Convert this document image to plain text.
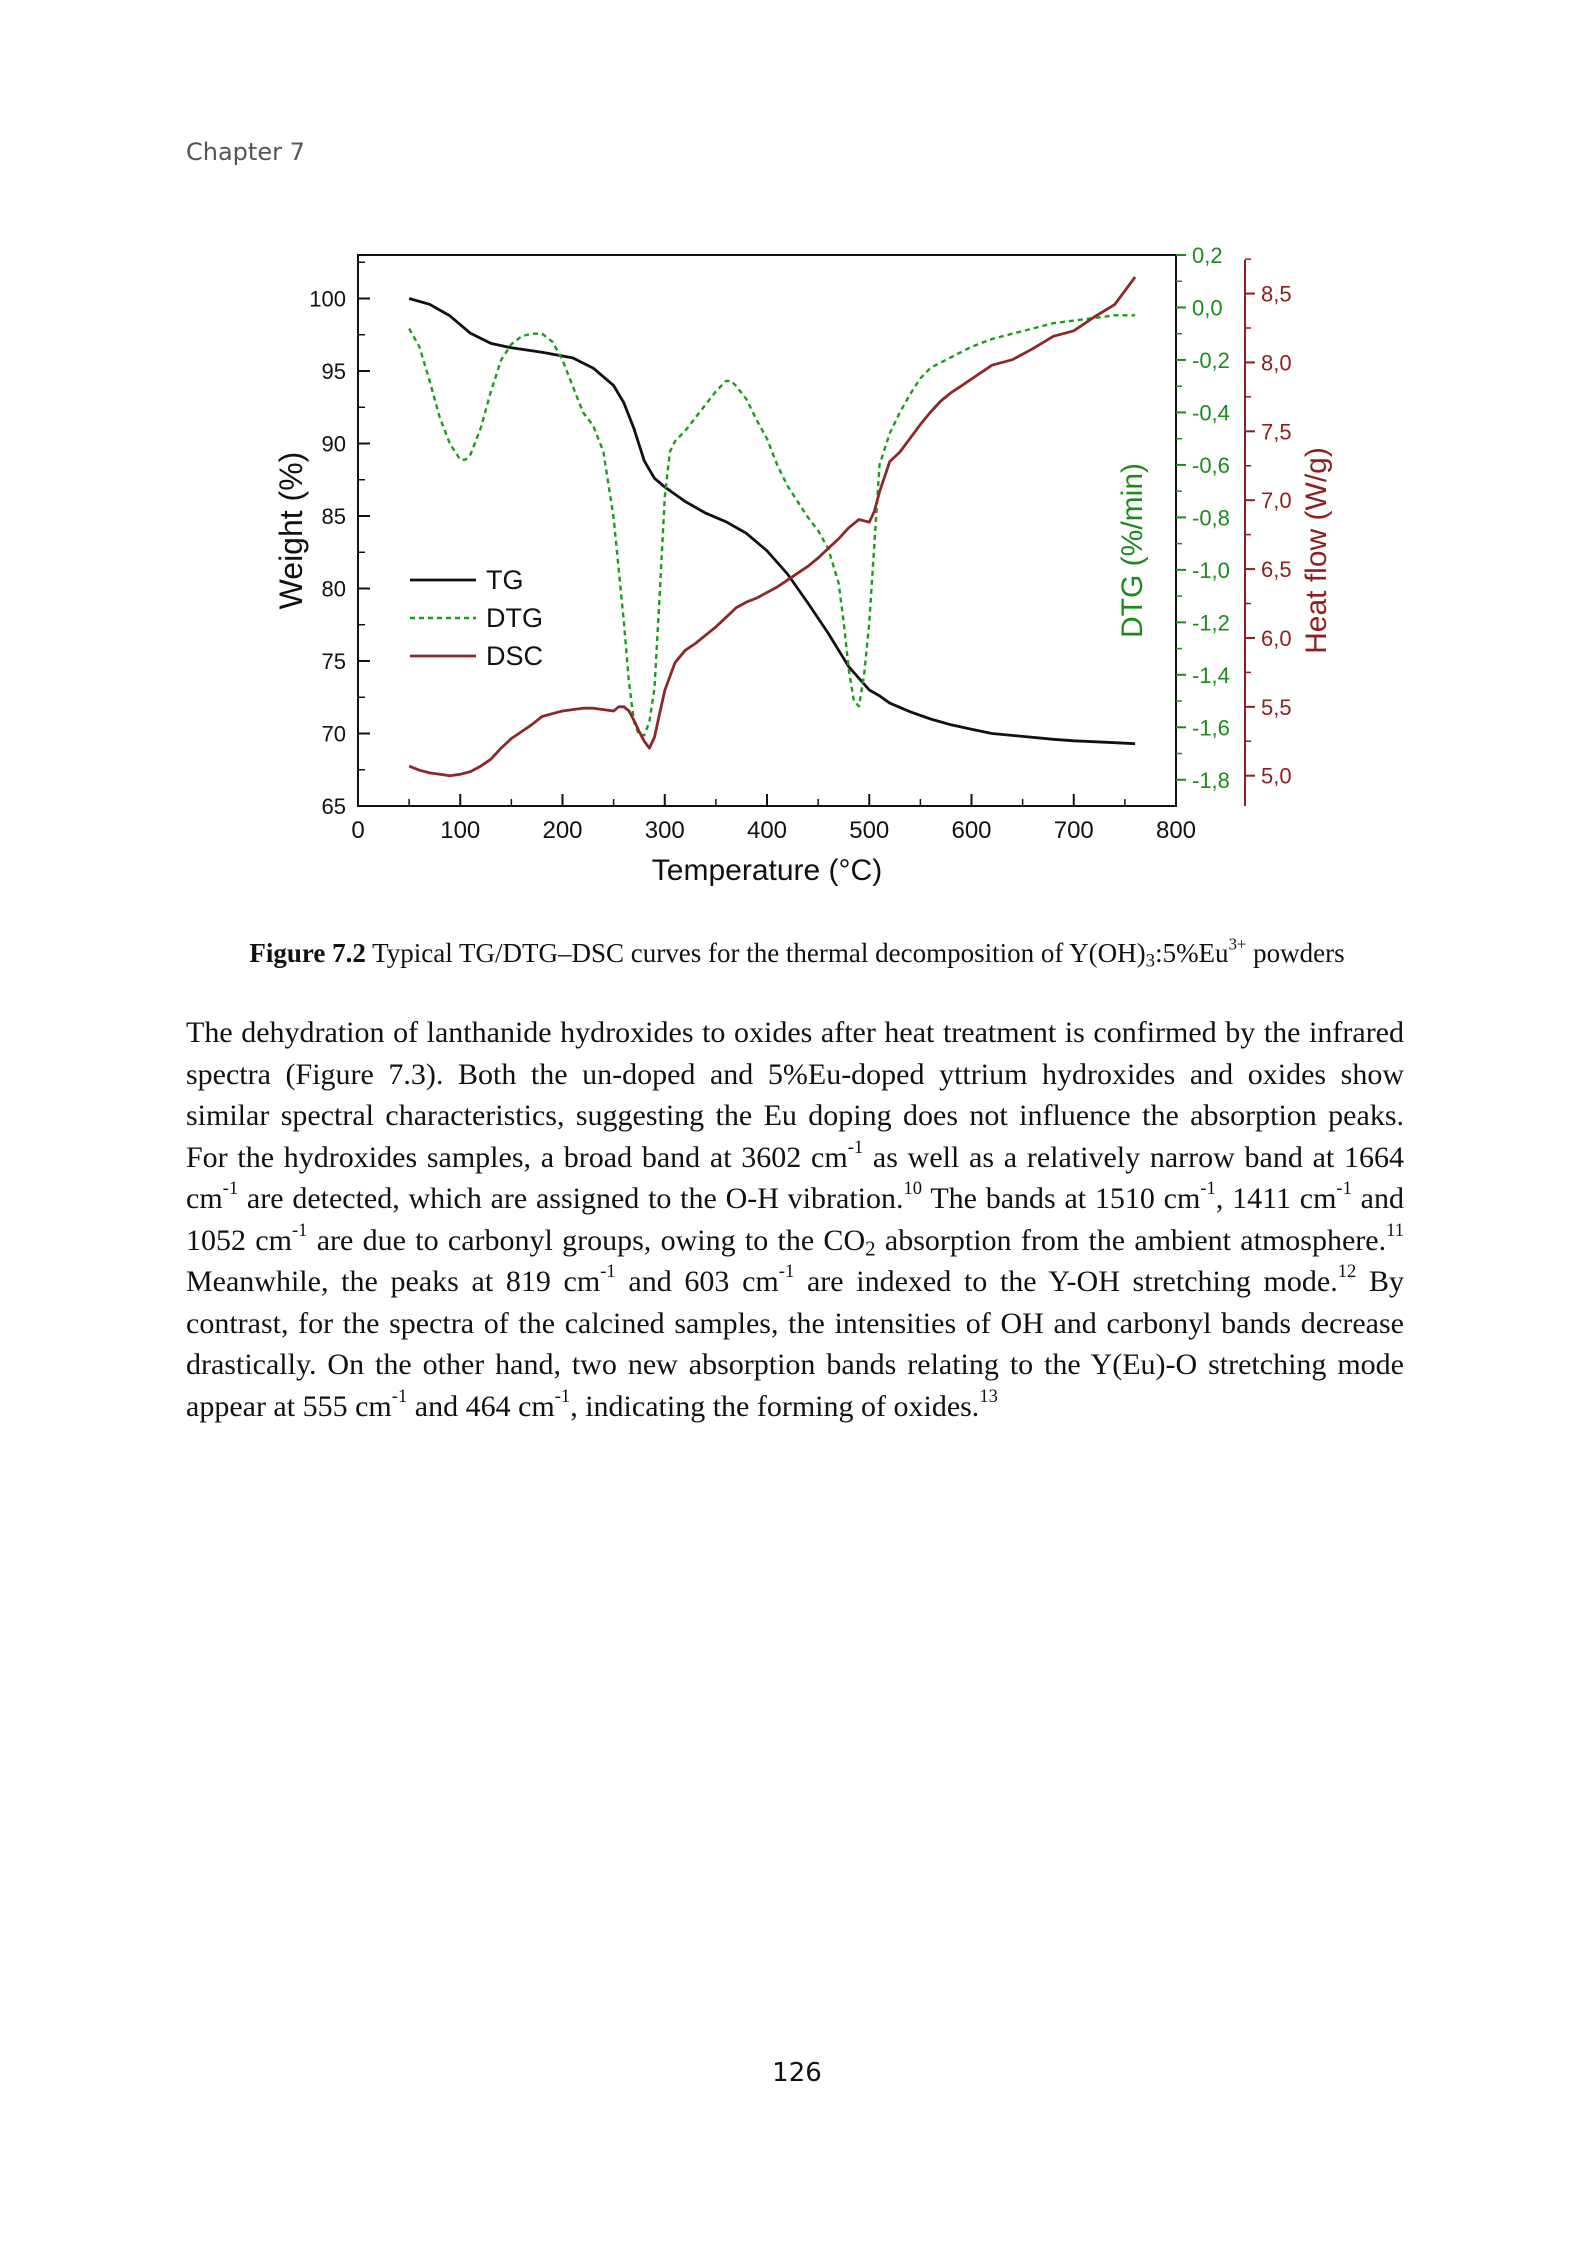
Chapter 7
0	100	200	300	400	500	600	700	800
Temperature (°C)
65
70
75
80
85
90
95
100
Weight (%)
0,2
0,0
-0,2
-0,4
-0,6
-0,8
-1,0
-1,2
-1,4
-1,6
-1,8
DTG (%/min)
8,5
8,0
7,5
7,0
6,5
6,0
5,5
5,0
Heat flow (W/g)
TG
DTG
DSC
Figure 7.2 Typical TG/DTG–DSC curves for the thermal decomposition of $Y(OH)_3:5\%Eu^{3+}$ powders
The dehydration of lanthanide hydroxides to oxides after heat treatment is confirmed by the infrared spectra (Figure 7.3). Both the un-doped and 5%Eu-doped yttrium hydroxides and oxides show similar spectral characteristics, suggesting the Eu doping does not influence the absorption peaks. For the hydroxides samples, a broad band at 3602 $cm^{-1}$ as well as a relatively narrow band at 1664 $cm^{-1}$ are detected, which are assigned to the O-H vibration.$^{10}$ The bands at 1510 $cm^{-1}$, 1411 $cm^{-1}$ and 1052 $cm^{-1}$ are due to carbonyl groups, owing to the $CO_2$ absorption from the ambient atmosphere.$^{11}$ Meanwhile, the peaks at 819 $cm^{-1}$ and 603 $cm^{-1}$ are indexed to the Y-OH stretching mode.$^{12}$ By contrast, for the spectra of the calcined samples, the intensities of OH and carbonyl bands decrease drastically. On the other hand, two new absorption bands relating to the Y(Eu)-O stretching mode appear at 555 $cm^{-1}$ and 464 $cm^{-1}$, indicating the forming of oxides.$^{13}$
126
